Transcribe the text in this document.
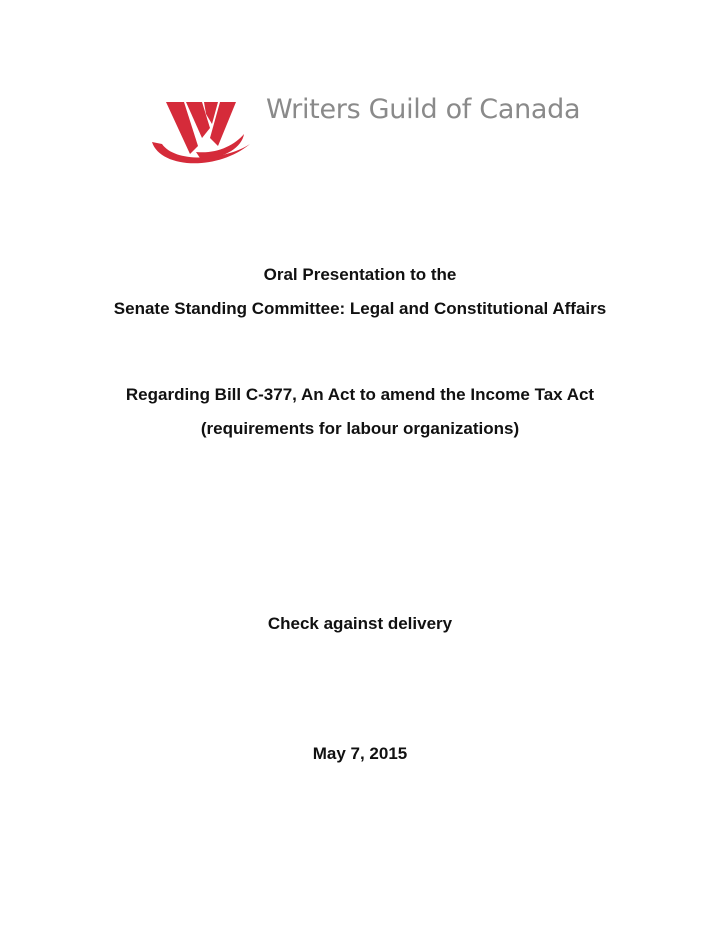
Writers Guild of Canada
Oral Presentation to the
Senate Standing Committee: Legal and Constitutional Affairs
Regarding Bill C-377, An Act to amend the Income Tax Act
(requirements for labour organizations)
Check against delivery
May 7, 2015
